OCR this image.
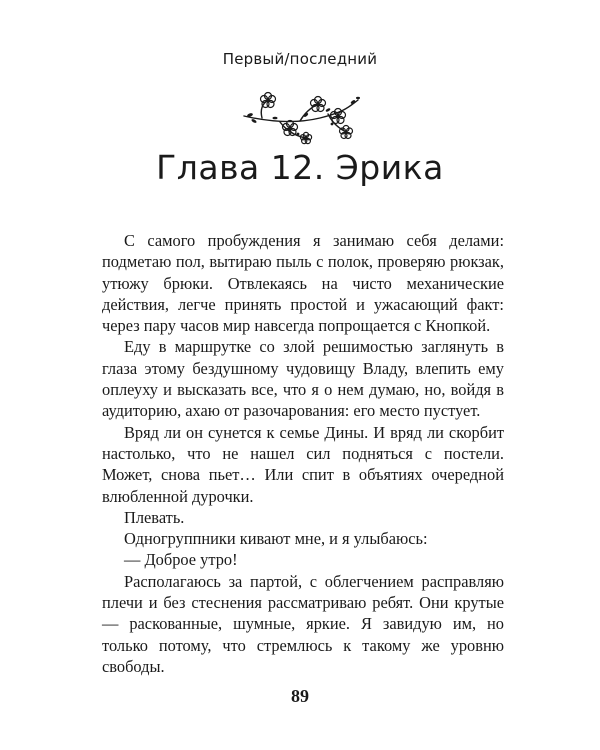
Первый/последний
Глава 12. Эрика

С самого пробуждения я занимаю себя делами: подметаю пол, вытираю пыль с полок, проверяю рюкзак, утюжу брюки. Отвлекаясь на чисто механические действия, легче принять простой и ужасающий факт: через пару часов мир навсегда попрощается с Кнопкой.

Еду в маршрутке со злой решимостью заглянуть в глаза этому бездушному чудовищу Владу, влепить ему оплеуху и высказать все, что я о нем думаю, но, войдя в аудиторию, ахаю от разочарования: его место пустует.

Вряд ли он сунется к семье Дины. И вряд ли скорбит настолько, что не нашел сил подняться с постели. Может, снова пьет… Или спит в объятиях очередной влюбленной дурочки.

Плевать.

Одногруппники кивают мне, и я улыбаюсь:

— Доброе утро!

Располагаюсь за партой, с облегчением расправляю плечи и без стеснения рассматриваю ребят. Они крутые — раскованные, шумные, яркие. Я завидую им, но только потому, что стремлюсь к такому же уровню свободы.

89
